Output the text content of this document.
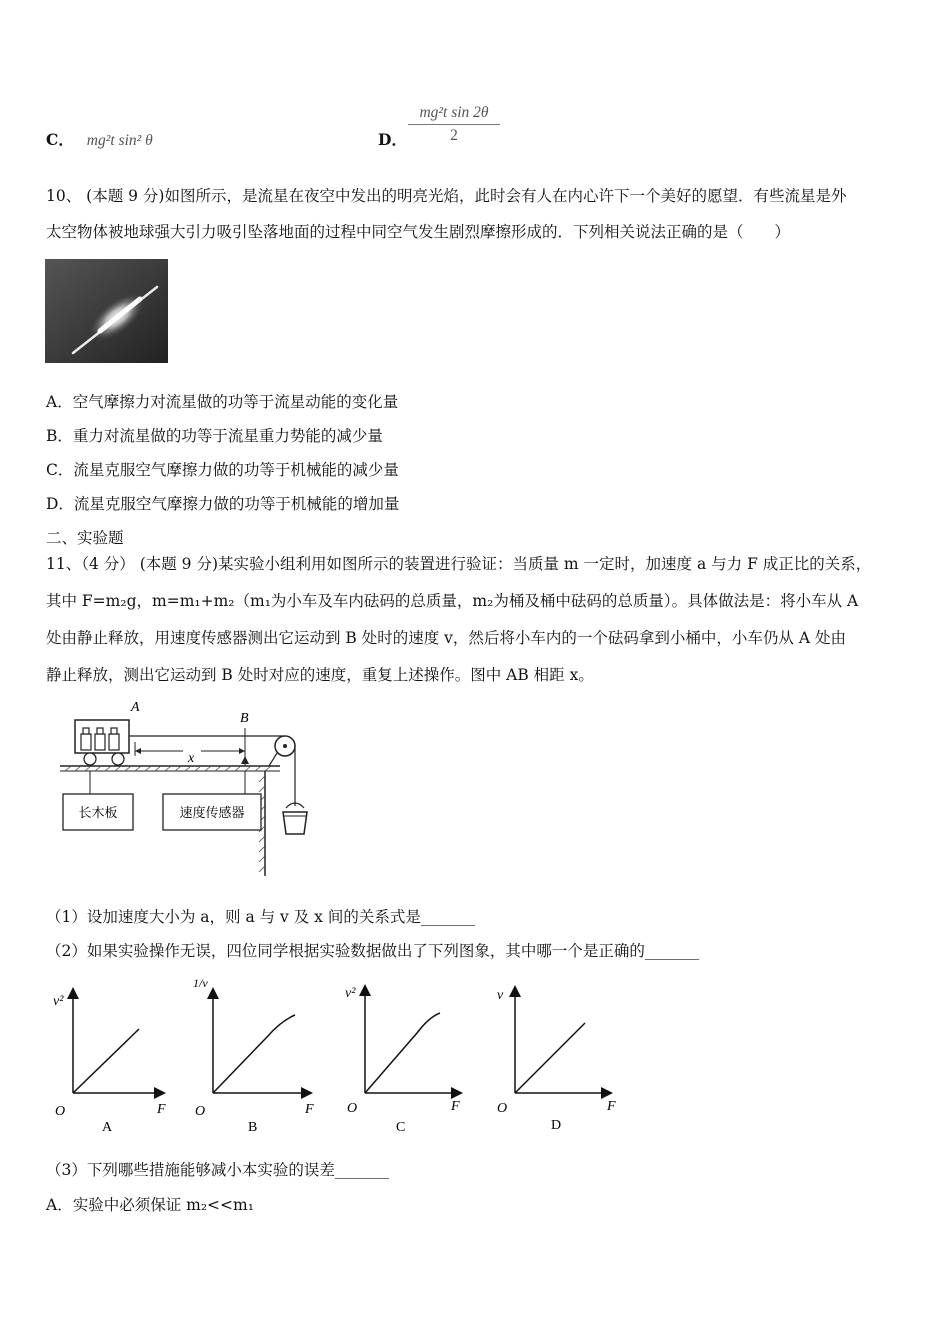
C． mg²t sin² θ	D． $\frac{\text{mg²t sin 2θ}}{2}$
10、 (本题 9 分)如图所示，是流星在夜空中发出的明亮光焰，此时会有人在内心许下一个美好的愿望．有些流星是外
太空物体被地球强大引力吸引坠落地面的过程中同空气发生剧烈摩擦形成的．下列相关说法正确的是（　　）
A．空气摩擦力对流星做的功等于流星动能的变化量
B．重力对流星做的功等于流星重力势能的减少量
C．流星克服空气摩擦力做的功等于机械能的减少量
D．流星克服空气摩擦力做的功等于机械能的增加量
二、实验题
11、（4 分） (本题 9 分)某实验小组利用如图所示的装置进行验证：当质量 m 一定时，加速度 a 与力 F 成正比的关系，
其中 F=m₂g，m=m₁+m₂（m₁为小车及车内砝码的总质量，m₂为桶及桶中砝码的总质量）。具体做法是：将小车从 A
处由静止释放，用速度传感器测出它运动到 B 处时的速度 v，然后将小车内的一个砝码拿到小桶中，小车仍从 A 处由
静止释放，测出它运动到 B 处时对应的速度，重复上述操作。图中 AB 相距 x。
A
B
x
长木板	速度传感器
（1）设加速度大小为 a，则 a 与 v 及 x 间的关系式是_______
（2）如果实验操作无误，四位同学根据实验数据做出了下列图象，其中哪一个是正确的_______
v²
F
O
A
1/v
F
O
B
v²
F
O
C
v
F
O
D
（3）下列哪些措施能够减小本实验的误差_______
A．实验中必须保证 m₂<<m₁
